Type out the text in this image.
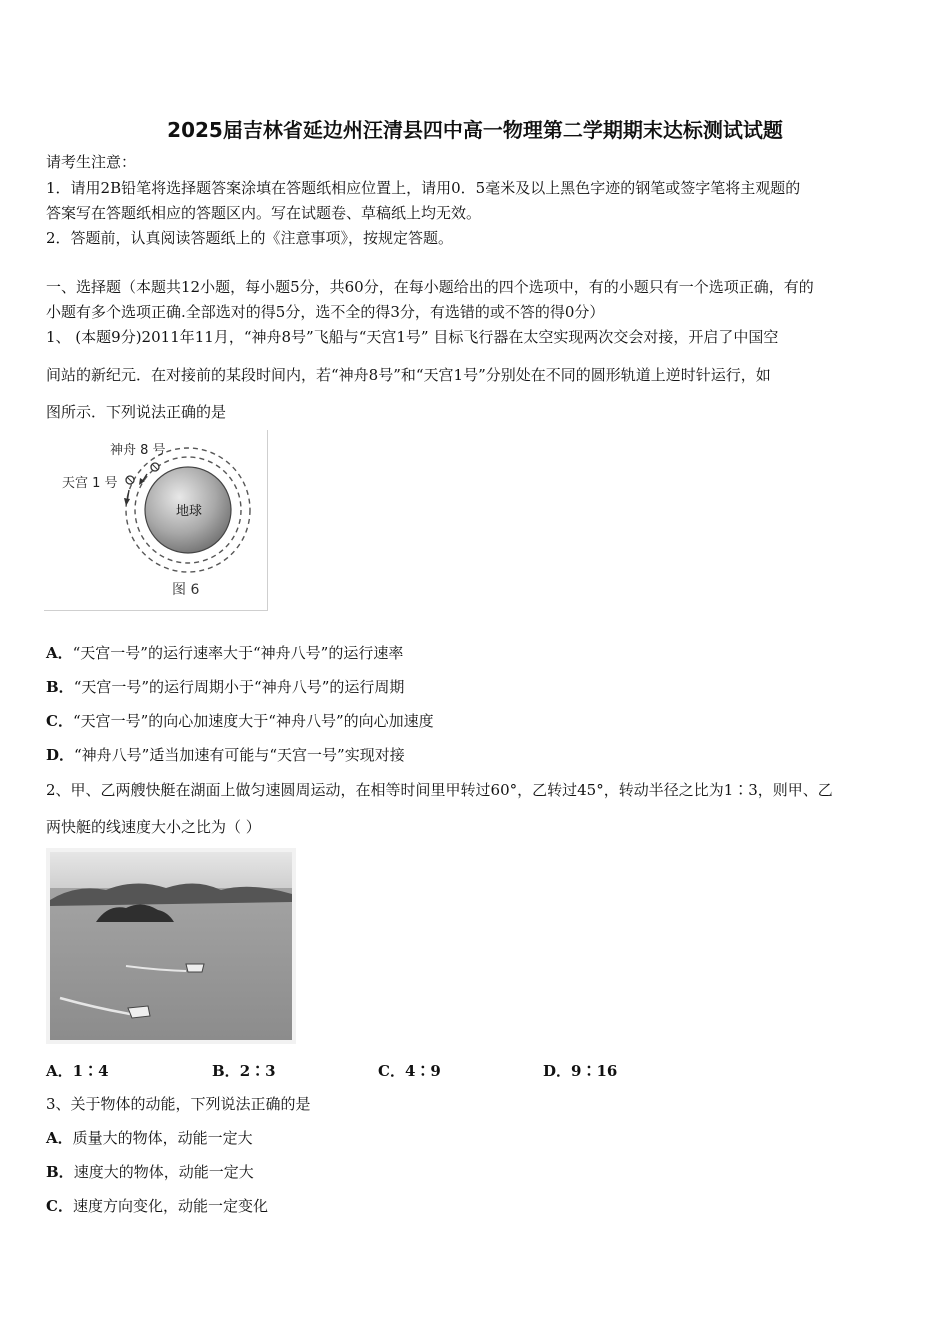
2025届吉林省延边州汪清县四中高一物理第二学期期末达标测试试题
请考生注意：
1．请用2B铅笔将选择题答案涂填在答题纸相应位置上，请用0．5毫米及以上黑色字迹的钢笔或签字笔将主观题的
答案写在答题纸相应的答题区内。写在试题卷、草稿纸上均无效。
2．答题前，认真阅读答题纸上的《注意事项》，按规定答题。
一、选择题（本题共12小题，每小题5分，共60分，在每小题给出的四个选项中，有的小题只有一个选项正确，有的
小题有多个选项正确.全部选对的得5分，选不全的得3分，有选错的或不答的得0分）
1、 (本题9分)2011年11月，“神舟8号”飞船与“天宫1号” 目标飞行器在太空实现两次交会对接，开启了中国空
间站的新纪元．在对接前的某段时间内，若“神舟8号”和“天宫1号”分别处在不同的圆形轨道上逆时针运行，如
图所示．下列说法正确的是
地球
神舟 8 号
天宫 1 号
图 6
A．“天宫一号”的运行速率大于“神舟八号”的运行速率
B．“天宫一号”的运行周期小于“神舟八号”的运行周期
C．“天宫一号”的向心加速度大于“神舟八号”的向心加速度
D．“神舟八号”适当加速有可能与“天宫一号”实现对接
2、甲、乙两艘快艇在湖面上做匀速圆周运动，在相等时间里甲转过60°，乙转过45°，转动半径之比为1∶3，则甲、乙
两快艇的线速度大小之比为（ ）
A．1∶4	B．2∶3	C．4∶9	D．9∶16
3、关于物体的动能，下列说法正确的是
A．质量大的物体，动能一定大
B．速度大的物体，动能一定大
C．速度方向变化，动能一定变化
